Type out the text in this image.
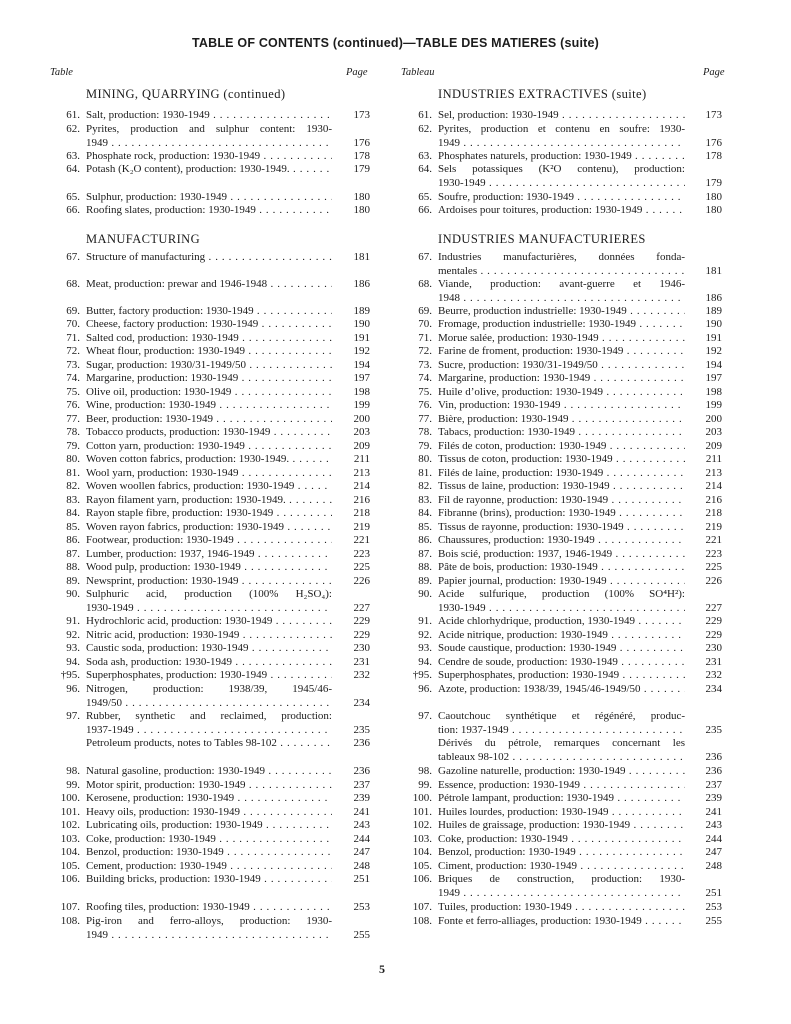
TABLE OF CONTENTS (continued)—TABLE DES MATIERES (suite)
Table	Page	Tableau	Page
MINING, QUARRYING (continued)
MANUFACTURING
61. Salt, production: 1930-1949 . . .	173
62. Pyrites, production and sulphur content: 1930-
1949 . . .	176
63. Phosphate rock, production: 1930-1949 . . .	178
64. Potash (K₂O content), production: 1930-1949. . . .	179
65. Sulphur, production: 1930-1949 . . .	180
66. Roofing slates, production: 1930-1949 . . .	180
67. Structure of manufacturing . . .	181
68. Meat, production: prewar and 1946-1948 . . .	186
69. Butter, factory production: 1930-1949 . . .	189
70. Cheese, factory production: 1930-1949 . . .	190
71. Salted cod, production: 1930-1949 . . .	191
72. Wheat flour, production: 1930-1949 . . .	192
73. Sugar, production: 1930/31-1949/50 . . .	194
74. Margarine, production: 1930-1949 . . .	197
75. Olive oil, production: 1930-1949 . . .	198
76. Wine, production: 1930-1949 . . .	199
77. Beer, production: 1930-1949 . . .	200
78. Tobacco products, production: 1930-1949 . . .	203
79. Cotton yarn, production: 1930-1949 . . .	209
80. Woven cotton fabrics, production: 1930-1949. . . .	211
81. Wool yarn, production: 1930-1949 . . .	213
82. Woven woollen fabrics, production: 1930-1949 . . .	214
83. Rayon filament yarn, production: 1930-1949. . . .	216
84. Rayon staple fibre, production: 1930-1949 . . .	218
85. Woven rayon fabrics, production: 1930-1949 . . .	219
86. Footwear, production: 1930-1949 . . .	221
87. Lumber, production: 1937, 1946-1949 . . .	223
88. Wood pulp, production: 1930-1949 . . .	225
89. Newsprint, production: 1930-1949 . . .	226
90. Sulphuric acid, production (100% H₂SO₄):
1930-1949 . . .	227
91. Hydrochloric acid, production: 1930-1949 . . .	229
92. Nitric acid, production: 1930-1949 . . .	229
93. Caustic soda, production: 1930-1949 . . .	230
94. Soda ash, production: 1930-1949 . . .	231
†95. Superphosphates, production: 1930-1949 . . .	232
96. Nitrogen, production: 1938/39, 1945/46-
1949/50 . . .	234
97. Rubber, synthetic and reclaimed, production:
1937-1949 . . .	235
Petroleum products, notes to Tables 98-102 . . .	236
98. Natural gasoline, production: 1930-1949 . . .	236
99. Motor spirit, production: 1930-1949 . . .	237
100. Kerosene, production: 1930-1949 . . .	239
101. Heavy oils, production: 1930-1949 . . .	241
102. Lubricating oils, production: 1930-1949 . . .	243
103. Coke, production: 1930-1949 . . .	244
104. Benzol, production: 1930-1949 . . .	247
105. Cement, production: 1930-1949 . . .	248
106. Building bricks, production: 1930-1949 . . .	251
107. Roofing tiles, production: 1930-1949 . . .	253
108. Pig-iron and ferro-alloys, production: 1930-
1949 . . .	255
INDUSTRIES EXTRACTIVES (suite)
INDUSTRIES MANUFACTURIERES
61. Sel, production: 1930-1949 . . .	173
62. Pyrites, production et contenu en soufre: 1930-
1949 . . .	176
63. Phosphates naturels, production: 1930-1949 . . .	178
64. Sels potassiques (K²O contenu), production:
1930-1949 . . .	179
65. Soufre, production: 1930-1949 . . .	180
66. Ardoises pour toitures, production: 1930-1949 . . .	180
67. Industries manufacturières, données fonda-
mentales . . .	181
68. Viande, production: avant-guerre et 1946-
1948 . . .	186
69. Beurre, production industrielle: 1930-1949 . . .	189
70. Fromage, production industrielle: 1930-1949 . . .	190
71. Morue salée, production: 1930-1949 . . .	191
72. Farine de froment, production: 1930-1949 . . .	192
73. Sucre, production: 1930/31-1949/50 . . .	194
74. Margarine, production: 1930-1949 . . .	197
75. Huile d’olive, production: 1930-1949 . . .	198
76. Vin, production: 1930-1949 . . .	199
77. Bière, production: 1930-1949 . . .	200
78. Tabacs, production: 1930-1949 . . .	203
79. Filés de coton, production: 1930-1949 . . .	209
80. Tissus de coton, production: 1930-1949 . . .	211
81. Filés de laine, production: 1930-1949 . . .	213
82. Tissus de laine, production: 1930-1949 . . .	214
83. Fil de rayonne, production: 1930-1949 . . .	216
84. Fibranne (brins), production: 1930-1949 . . .	218
85. Tissus de rayonne, production: 1930-1949 . . .	219
86. Chaussures, production: 1930-1949 . . .	221
87. Bois scié, production: 1937, 1946-1949 . . .	223
88. Pâte de bois, production: 1930-1949 . . .	225
89. Papier journal, production: 1930-1949 . . .	226
90. Acide sulfurique, production (100% SO⁴H²):
1930-1949 . . .	227
91. Acide chlorhydrique, production, 1930-1949 . . .	229
92. Acide nitrique, production: 1930-1949 . . .	229
93. Soude caustique, production: 1930-1949 . . .	230
94. Cendre de soude, production: 1930-1949 . . .	231
†95. Superphosphates, production: 1930-1949 . . .	232
96. Azote, production: 1938/39, 1945/46-1949/50 . . .	234
97. Caoutchouc synthétique et régénéré, produc-
tion: 1937-1949 . . .	235
Dérivés du pétrole, remarques concernant les
tableaux 98-102 . . .	236
98. Gazoline naturelle, production: 1930-1949 . . .	236
99. Essence, production: 1930-1949 . . .	237
100. Pétrole lampant, production: 1930-1949 . . .	239
101. Huiles lourdes, production: 1930-1949 . . .	241
102. Huiles de graissage, production: 1930-1949 . . .	243
103. Coke, production: 1930-1949 . . .	244
104. Benzol, production: 1930-1949 . . .	247
105. Ciment, production: 1930-1949 . . .	248
106. Briques de construction, production: 1930-
1949 . . .	251
107. Tuiles, production: 1930-1949 . . .	253
108. Fonte et ferro-alliages, production: 1930-1949 . . .	255
5
